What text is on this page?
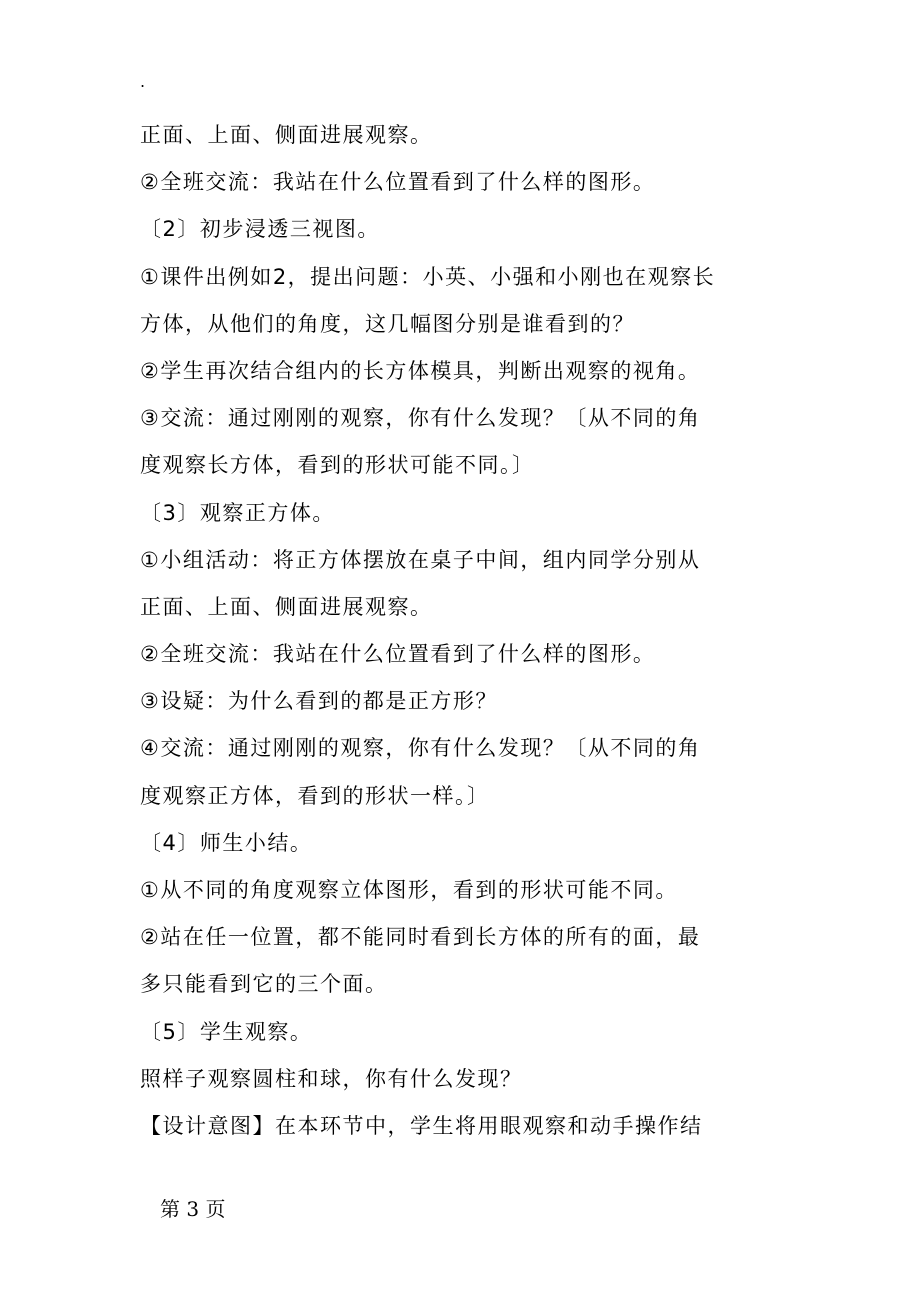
.
正面、上面、侧面进展观察。
②全班交流：我站在什么位置看到了什么样的图形。
〔2〕初步浸透三视图。
①课件出例如2，提出问题：小英、小强和小刚也在观察长
方体，从他们的角度，这几幅图分别是谁看到的？
②学生再次结合组内的长方体模具，判断出观察的视角。
③交流：通过刚刚的观察，你有什么发现？〔从不同的角
度观察长方体，看到的形状可能不同。〕
〔3〕观察正方体。
①小组活动：将正方体摆放在桌子中间，组内同学分别从
正面、上面、侧面进展观察。
②全班交流：我站在什么位置看到了什么样的图形。
③设疑：为什么看到的都是正方形？
④交流：通过刚刚的观察，你有什么发现？〔从不同的角
度观察正方体，看到的形状一样。〕
〔4〕师生小结。
①从不同的角度观察立体图形，看到的形状可能不同。
②站在任一位置，都不能同时看到长方体的所有的面，最
多只能看到它的三个面。
〔5〕学生观察。
照样子观察圆柱和球，你有什么发现？
【设计意图】在本环节中，学生将用眼观察和动手操作结
第 3 页
